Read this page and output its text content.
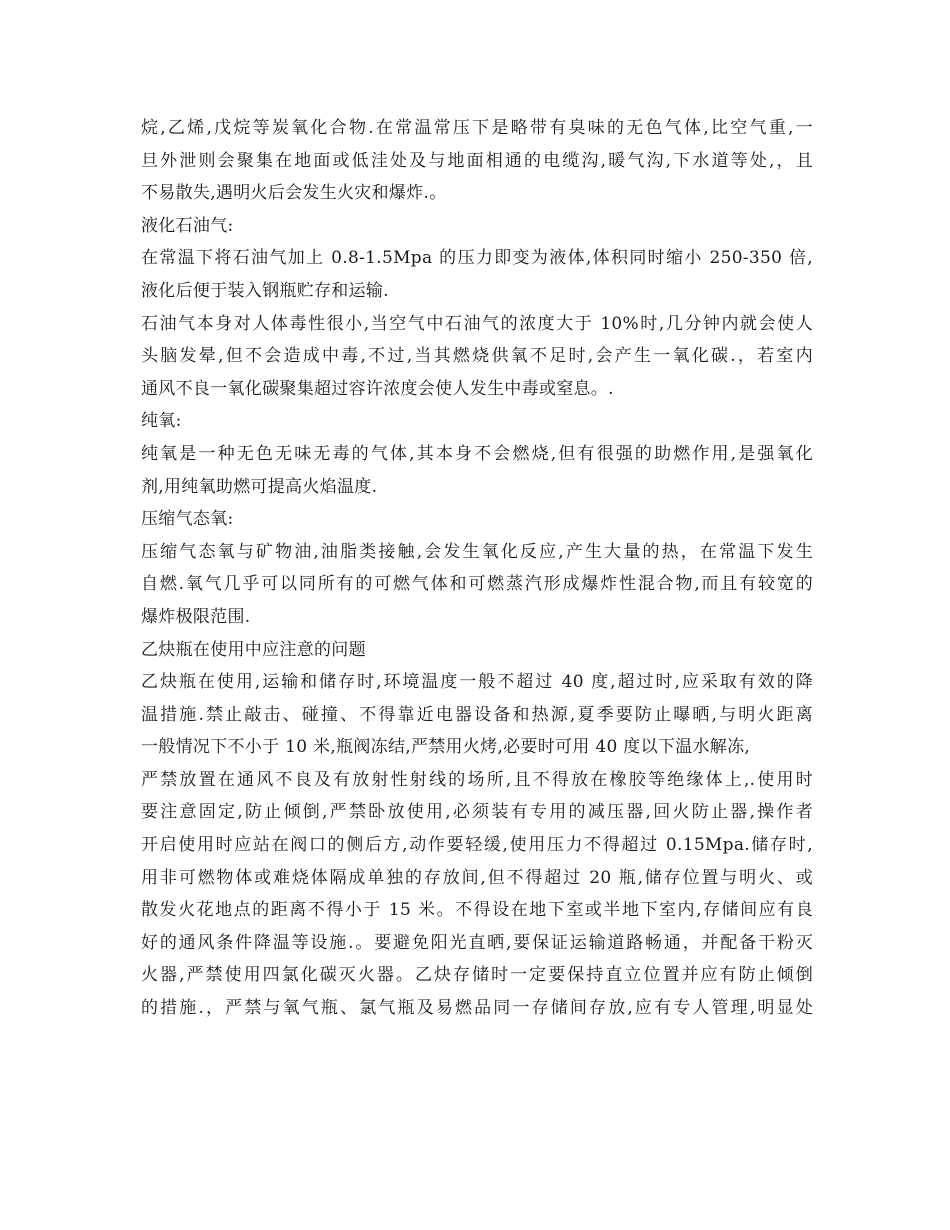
烷,乙烯,戊烷等炭氧化合物.在常温常压下是略带有臭味的无色气体,比空气重,一
旦外泄则会聚集在地面或低洼处及与地面相通的电缆沟,暖气沟,下水道等处,，且
不易散失,遇明火后会发生火灾和爆炸.。
液化石油气:
在常温下将石油气加上 0.8-1.5Mpa 的压力即变为液体,体积同时缩小 250-350 倍,
液化后便于装入钢瓶贮存和运输.
石油气本身对人体毒性很小,当空气中石油气的浓度大于 10%时,几分钟内就会使人
头脑发晕,但不会造成中毒,不过,当其燃烧供氧不足时,会产生一氧化碳.，若室内
通风不良一氧化碳聚集超过容许浓度会使人发生中毒或窒息。.
纯氧:
纯氧是一种无色无味无毒的气体,其本身不会燃烧,但有很强的助燃作用,是强氧化
剂,用纯氧助燃可提高火焰温度.
压缩气态氧:
压缩气态氧与矿物油,油脂类接触,会发生氧化反应,产生大量的热，在常温下发生
自燃.氧气几乎可以同所有的可燃气体和可燃蒸汽形成爆炸性混合物,而且有较宽的
爆炸极限范围.
乙炔瓶在使用中应注意的问题
乙炔瓶在使用,运输和储存时,环境温度一般不超过 40 度,超过时,应采取有效的降
温措施.禁止敲击、碰撞、不得靠近电器设备和热源,夏季要防止曝晒,与明火距离
一般情况下不小于 10 米,瓶阀冻结,严禁用火烤,必要时可用 40 度以下温水解冻,
严禁放置在通风不良及有放射性射线的场所,且不得放在橡胶等绝缘体上,.使用时
要注意固定,防止倾倒,严禁卧放使用,必须装有专用的减压器,回火防止器,操作者
开启使用时应站在阀口的侧后方,动作要轻缓,使用压力不得超过 0.15Mpa.储存时,
用非可燃物体或难烧体隔成单独的存放间,但不得超过 20 瓶,储存位置与明火、或
散发火花地点的距离不得小于 15 米。不得设在地下室或半地下室内,存储间应有良
好的通风条件降温等设施.。要避免阳光直晒,要保证运输道路畅通，并配备干粉灭
火器,严禁使用四氯化碳灭火器。乙炔存储时一定要保持直立位置并应有防止倾倒
的措施.，严禁与氧气瓶、氯气瓶及易燃品同一存储间存放,应有专人管理,明显处
